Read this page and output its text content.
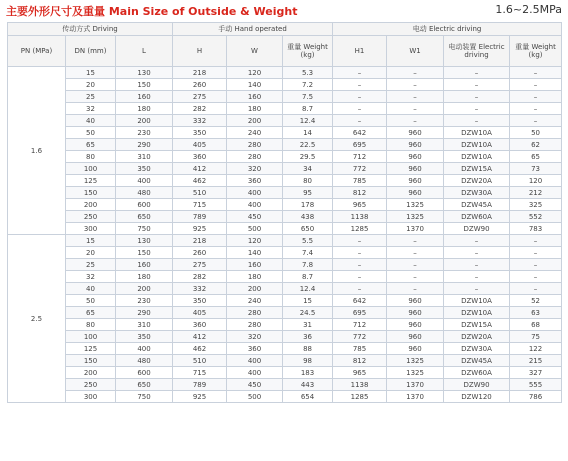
主要外形尺寸及重量 Main Size of Outside & Weight	1.6~2.5MPa
传动方式 Driving			手动 Hand operated			电动 Electric driving			
PN (MPa)	DN (mm)	L	H	W	重量 Weight (kg)	H1	W1	电动装置 Electric driving	重量 Weight (kg)
1.6	15	130	218	120	5.3	–	–	–	–
	20	150	260	140	7.2	–	–	–	–
	25	160	275	160	7.5	–	–	–	–
	32	180	282	180	8.7	–	–	–	–
	40	200	332	200	12.4	–	–	–	–
	50	230	350	240	14	642	960	DZW10A	50
	65	290	405	280	22.5	695	960	DZW10A	62
	80	310	360	280	29.5	712	960	DZW10A	65
	100	350	412	320	34	772	960	DZW15A	73
	125	400	462	360	80	785	960	DZW20A	120
	150	480	510	400	95	812	960	DZW30A	212
	200	600	715	400	178	965	1325	DZW45A	325
	250	650	789	450	438	1138	1325	DZW60A	552
	300	750	925	500	650	1285	1370	DZW90	783
2.5	15	130	218	120	5.5	–	–	–	–
	20	150	260	140	7.4	–	–	–	–
	25	160	275	160	7.8	–	–	–	–
	32	180	282	180	8.7	–	–	–	–
	40	200	332	200	12.4	–	–	–	–
	50	230	350	240	15	642	960	DZW10A	52
	65	290	405	280	24.5	695	960	DZW10A	63
	80	310	360	280	31	712	960	DZW15A	68
	100	350	412	320	36	772	960	DZW20A	75
	125	400	462	360	88	785	960	DZW30A	122
	150	480	510	400	98	812	1325	DZW45A	215
	200	600	715	400	183	965	1325	DZW60A	327
	250	650	789	450	443	1138	1370	DZW90	555
	300	750	925	500	654	1285	1370	DZW120	786
